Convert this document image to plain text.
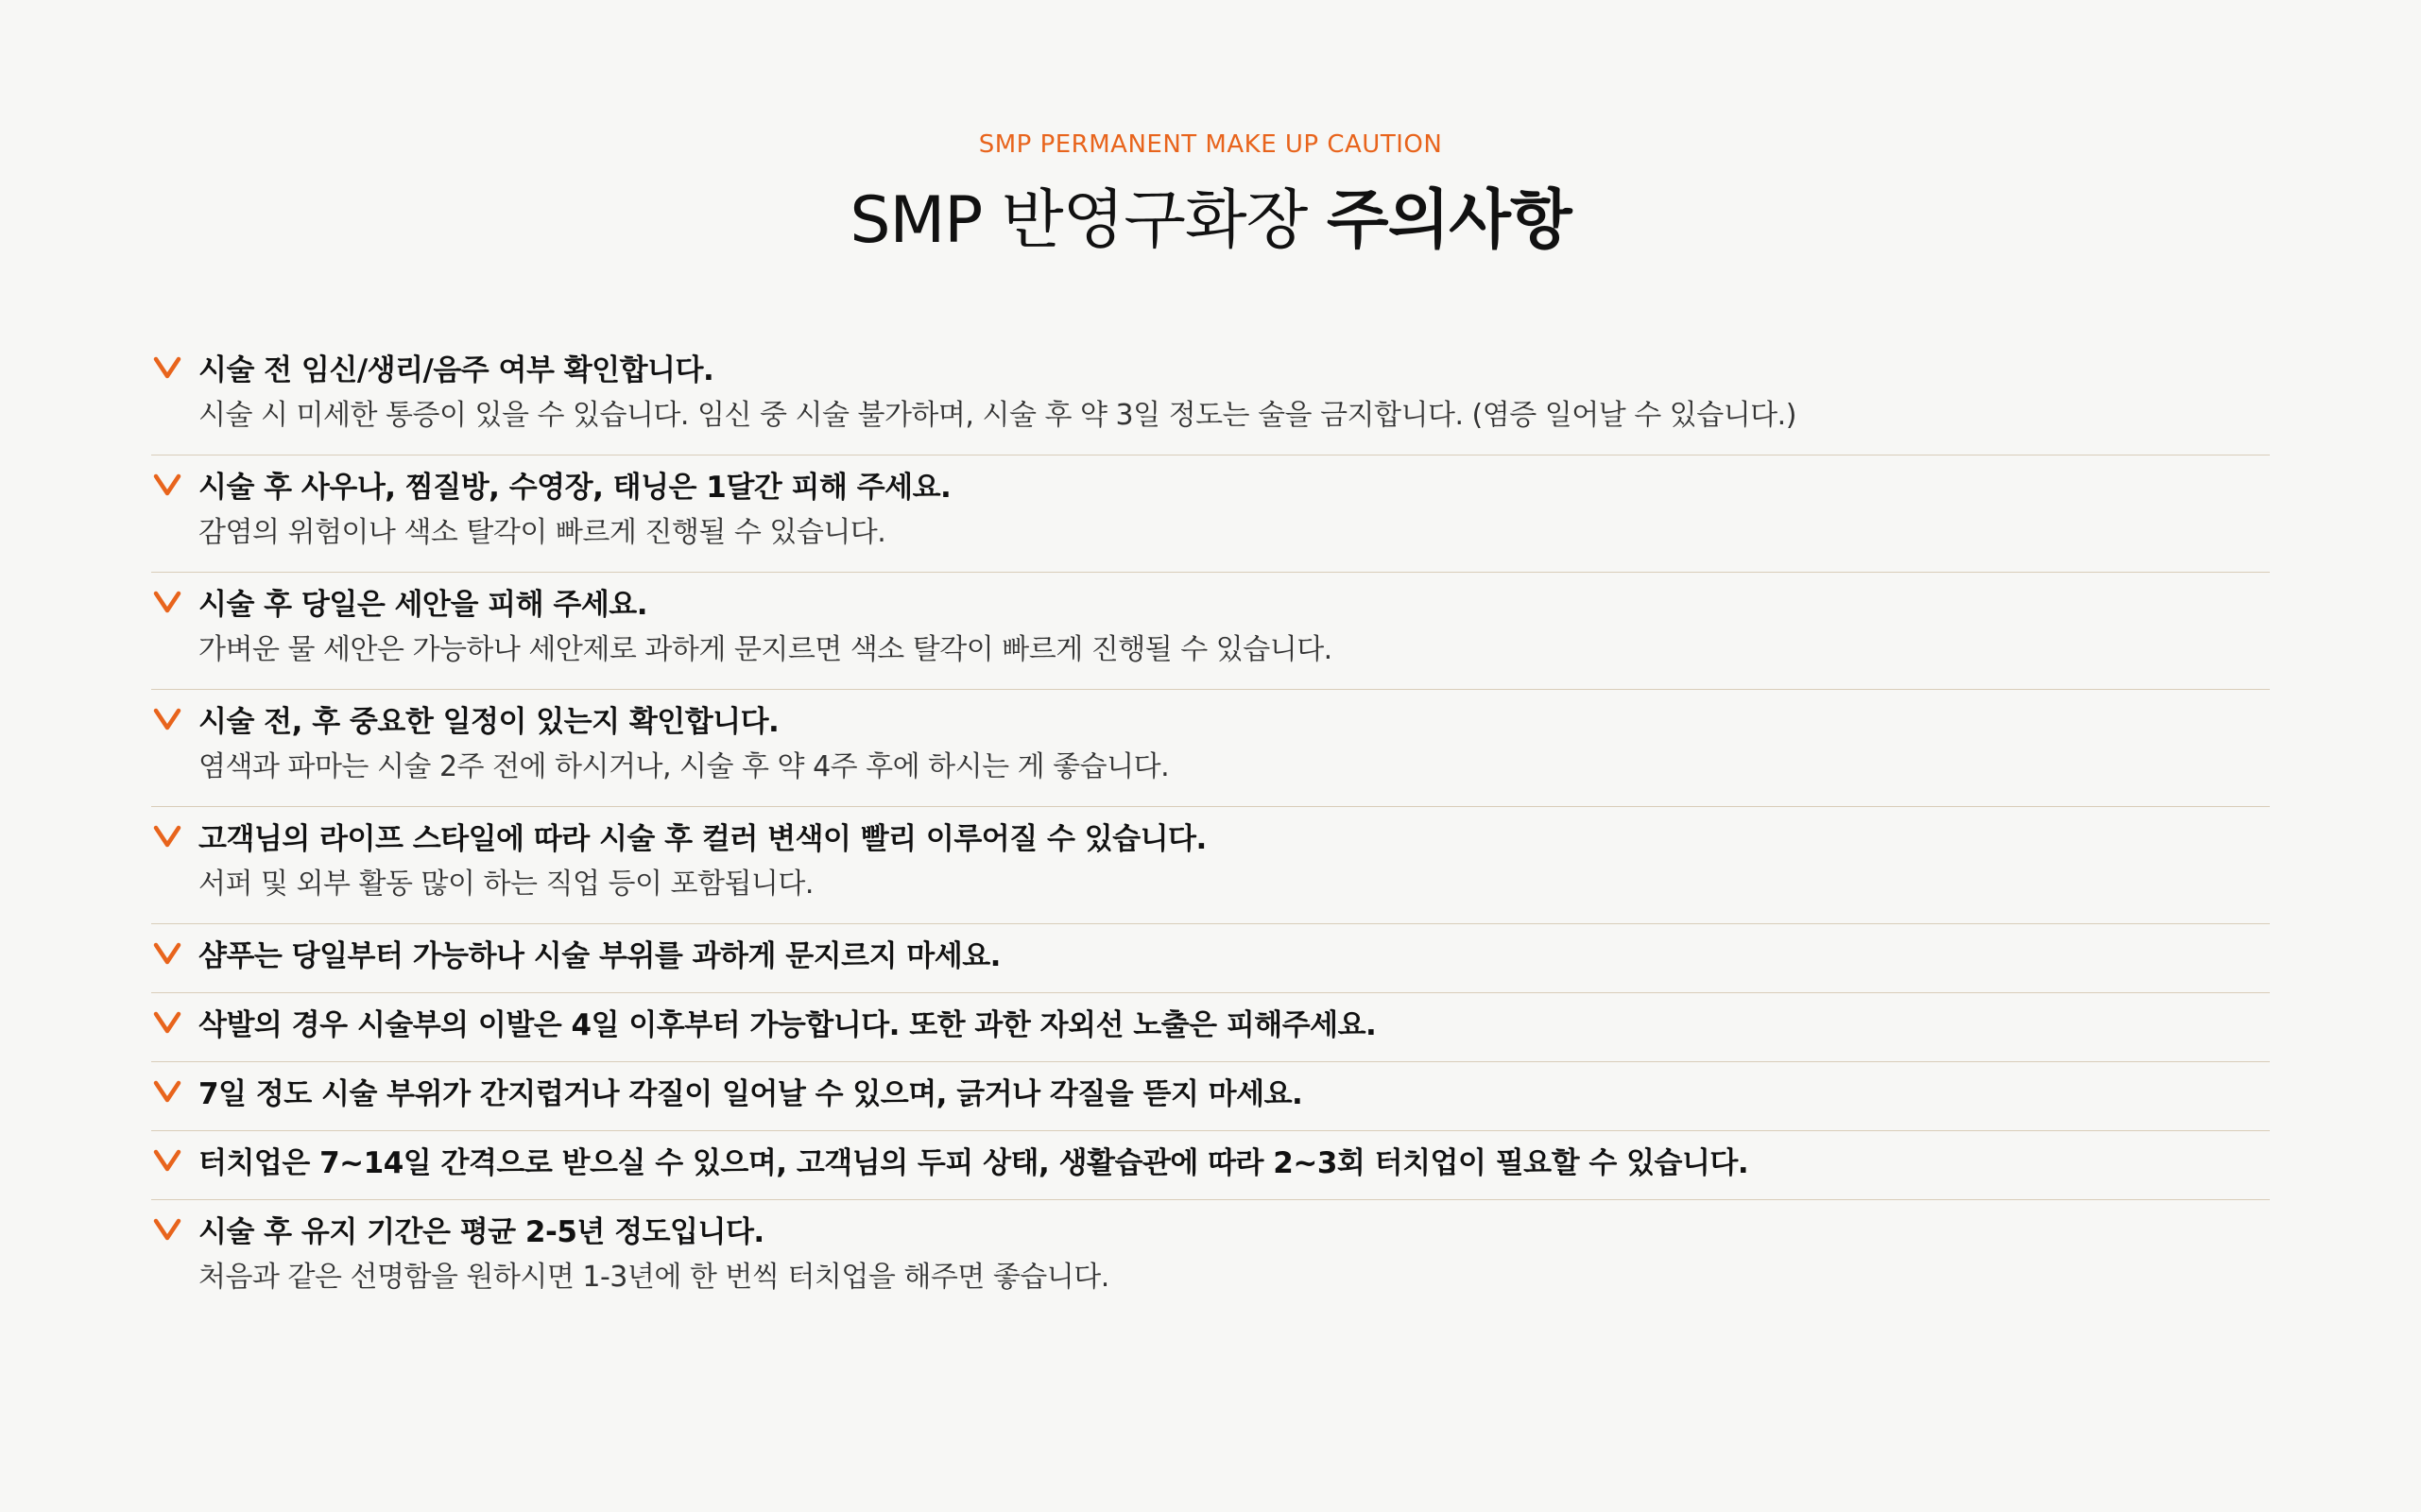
SMP PERMANENT MAKE UP CAUTION

SMP 반영구화장 주의사항
시술 전 임신/생리/음주 여부 확인합니다.
시술 시 미세한 통증이 있을 수 있습니다. 임신 중 시술 불가하며, 시술 후 약 3일 정도는 술을 금지합니다. (염증 일어날 수 있습니다.)
시술 후 사우나, 찜질방, 수영장, 태닝은 1달간 피해 주세요.
감염의 위험이나 색소 탈각이 빠르게 진행될 수 있습니다.
시술 후 당일은 세안을 피해 주세요.
가벼운 물 세안은 가능하나 세안제로 과하게 문지르면 색소 탈각이 빠르게 진행될 수 있습니다.
시술 전, 후 중요한 일정이 있는지 확인합니다.
염색과 파마는 시술 2주 전에 하시거나, 시술 후 약 4주 후에 하시는 게 좋습니다.
고객님의 라이프 스타일에 따라 시술 후 컬러 변색이 빨리 이루어질 수 있습니다.
서퍼 및 외부 활동 많이 하는 직업 등이 포함됩니다.
샴푸는 당일부터 가능하나 시술 부위를 과하게 문지르지 마세요.
삭발의 경우 시술부의 이발은 4일 이후부터 가능합니다. 또한 과한 자외선 노출은 피해주세요.
7일 정도 시술 부위가 간지럽거나 각질이 일어날 수 있으며, 긁거나 각질을 뜯지 마세요.
터치업은 7~14일 간격으로 받으실 수 있으며, 고객님의 두피 상태, 생활습관에 따라 2~3회 터치업이 필요할 수 있습니다.
시술 후 유지 기간은 평균 2-5년 정도입니다.
처음과 같은 선명함을 원하시면 1-3년에 한 번씩 터치업을 해주면 좋습니다.
